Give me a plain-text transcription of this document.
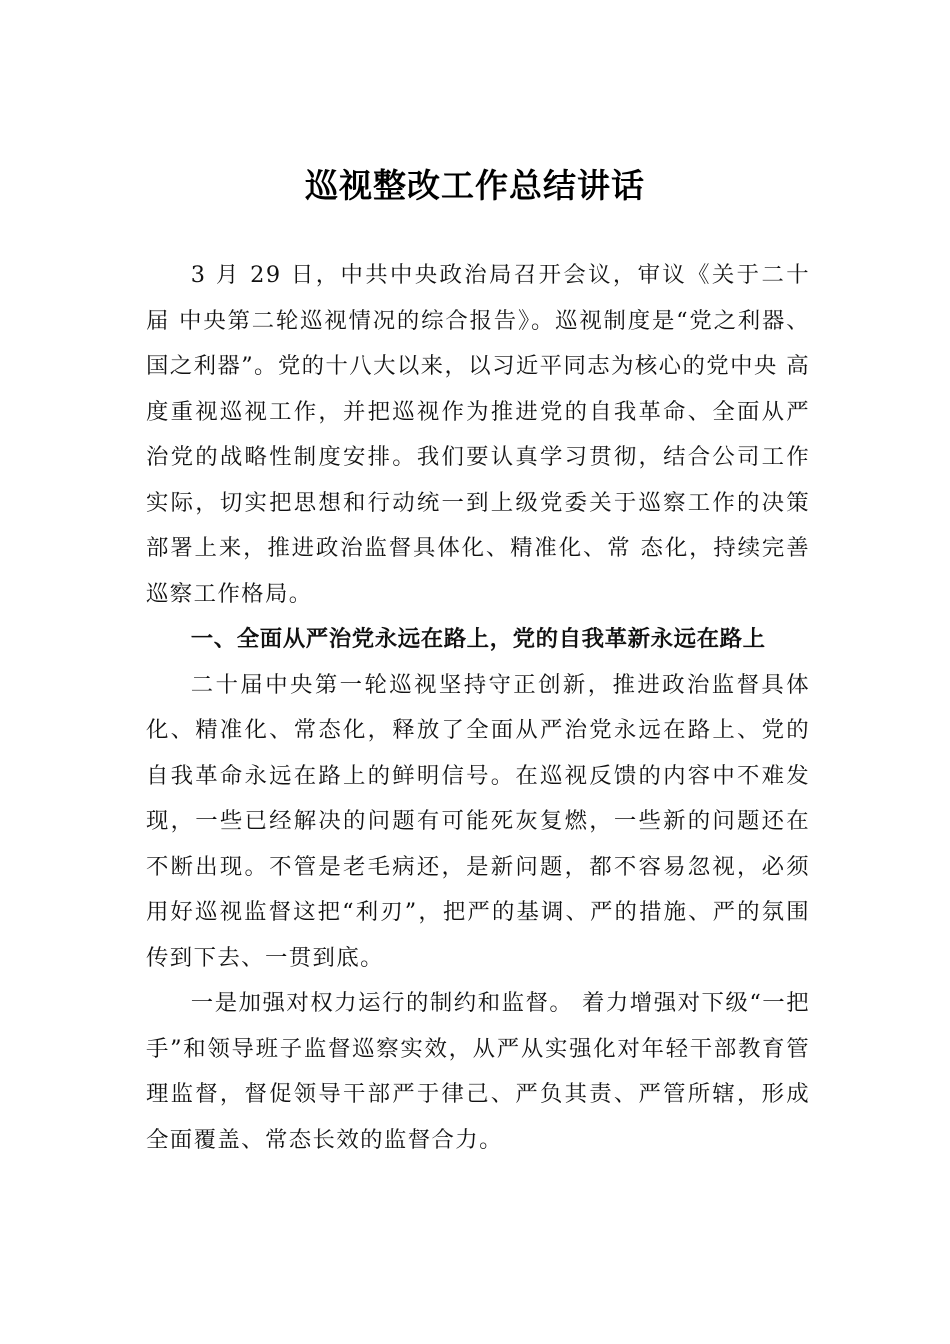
巡视整改工作总结讲话

3 月 29 日，中共中央政治局召开会议，审议《关于二十届 中央第二轮巡视情况的综合报告》。巡视制度是“党之利器、 国之利器”。党的十八大以来，以习近平同志为核心的党中央 高度重视巡视工作，并把巡视作为推进党的自我革命、全面从严治党的战略性制度安排。我们要认真学习贯彻，结合公司工作实际，切实把思想和行动统一到上级党委关于巡察工作的决策部署上来，推进政治监督具体化、精准化、常 态化，持续完善巡察工作格局。

一、全面从严治党永远在路上，党的自我革新永远在路上

二十届中央第一轮巡视坚持守正创新，推进政治监督具体化、精准化、常态化，释放了全面从严治党永远在路上、党的自我革命永远在路上的鲜明信号。在巡视反馈的内容中不难发现，一些已经解决的问题有可能死灰复燃，一些新的问题还在不断出现。不管是老毛病还，是新问题，都不容易忽视，必须用好巡视监督这把“利刃”，把严的基调、严的措施、严的氛围传到下去、一贯到底。

一是加强对权力运行的制约和监督。 着力增强对下级“一把手”和领导班子监督巡察实效，从严从实强化对年轻干部教育管理监督，督促领导干部严于律己、严负其责、严管所辖，形成全面覆盖、常态长效的监督合力。
